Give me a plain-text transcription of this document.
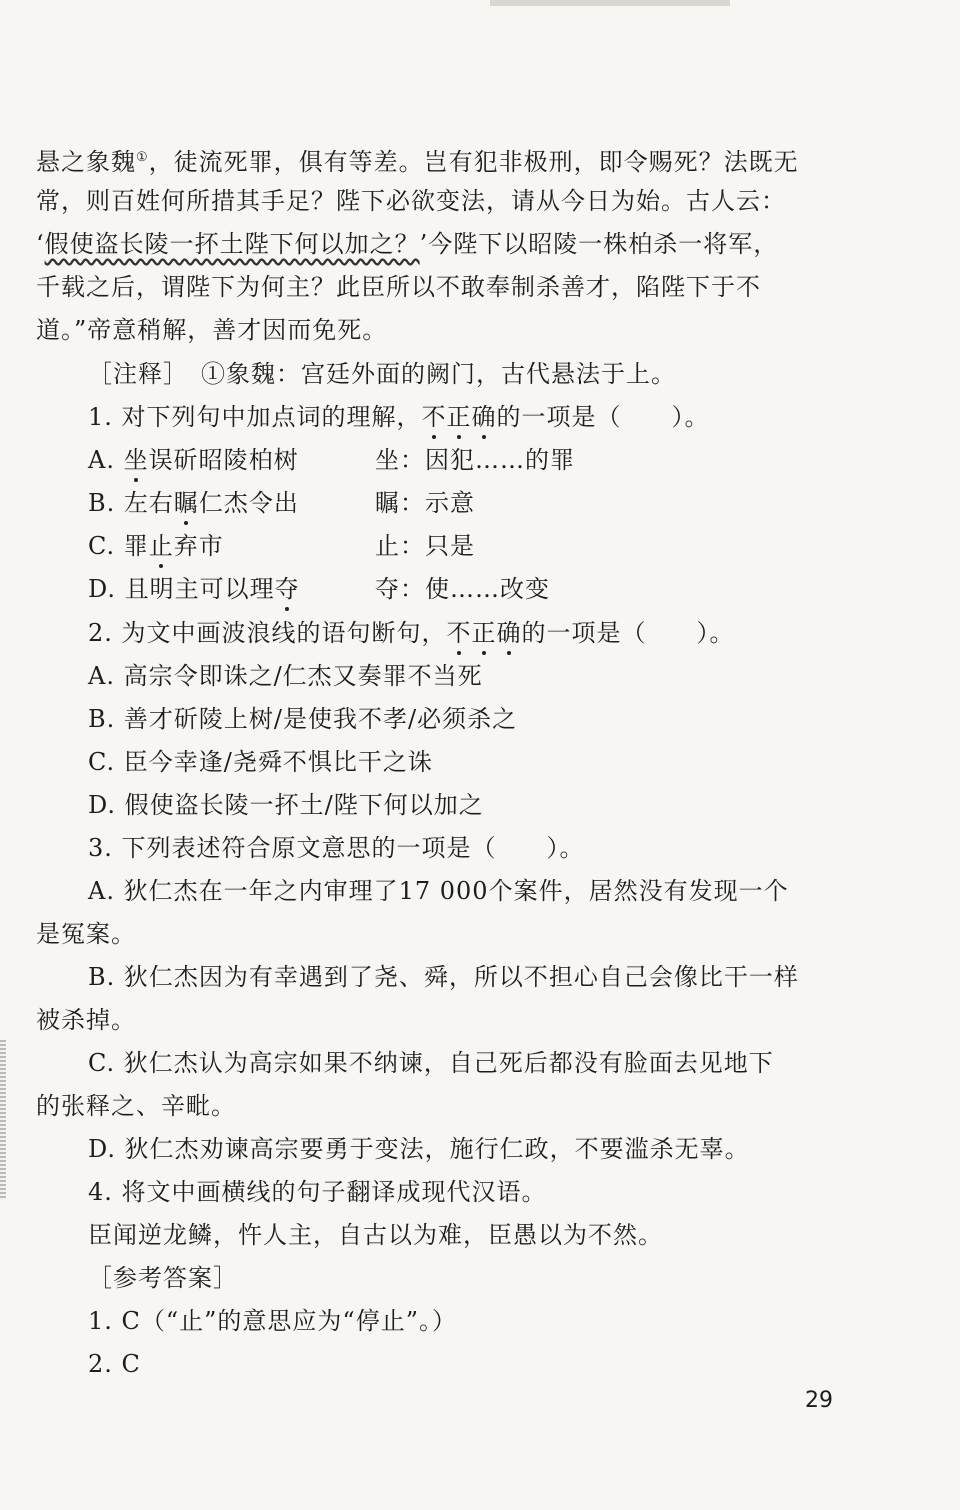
悬之象魏①，徒流死罪，俱有等差。岂有犯非极刑，即令赐死？法既无
常，则百姓何所措其手足？陛下必欲变法，请从今日为始。古人云：
‘假使盗长陵一抔土陛下何以加之？’今陛下以昭陵一株柏杀一将军，
千载之后，谓陛下为何主？此臣所以不敢奉制杀善才，陷陛下于不
道。”帝意稍解，善才因而免死。
［注释］　①象魏：宫廷外面的阙门，古代悬法于上。
1. 对下列句中加点词的理解，不正确的一项是（　　）。
A. 坐误斫昭陵柏树	坐：因犯……的罪
B. 左右瞩仁杰令出	瞩：示意
C. 罪止弃市	止：只是
D. 且明主可以理夺	夺：使……改变
2. 为文中画波浪线的语句断句，不正确的一项是（　　）。
A. 高宗令即诛之/仁杰又奏罪不当死
B. 善才斫陵上树/是使我不孝/必须杀之
C. 臣今幸逢/尧舜不惧比干之诛
D. 假使盗长陵一抔土/陛下何以加之
3. 下列表述符合原文意思的一项是（　　）。
A. 狄仁杰在一年之内审理了17 000个案件，居然没有发现一个
是冤案。
B. 狄仁杰因为有幸遇到了尧、舜，所以不担心自己会像比干一样
被杀掉。
C. 狄仁杰认为高宗如果不纳谏，自己死后都没有脸面去见地下
的张释之、辛毗。
D. 狄仁杰劝谏高宗要勇于变法，施行仁政，不要滥杀无辜。
4. 将文中画横线的句子翻译成现代汉语。
臣闻逆龙鳞，忤人主，自古以为难，臣愚以为不然。
［参考答案］
1. C（“止”的意思应为“停止”。）
2. C
29
